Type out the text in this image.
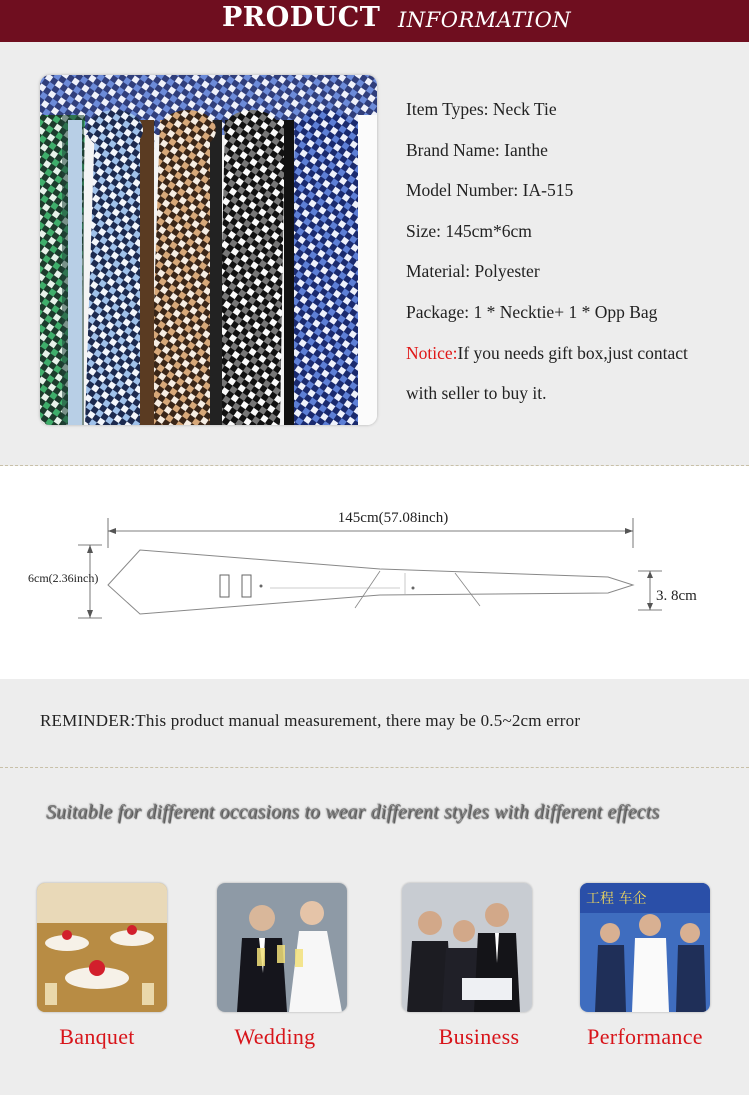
PRODUCT INFORMATION
Item Types: Neck Tie
Brand Name: Ianthe
Model Number: IA-515
Size: 145cm*6cm
Material: Polyester
Package: 1 * Necktie+ 1 * Opp Bag
Notice:If you needs gift box,just contact
with seller to buy it.
145cm(57.08inch)
6cm(2.36inch)
3. 8cm
REMINDER:This product manual measurement, there may be 0.5~2cm error
Suitable for different occasions to wear different styles with different effects
工程 车企
Banquet	Wedding	Business	Performance
